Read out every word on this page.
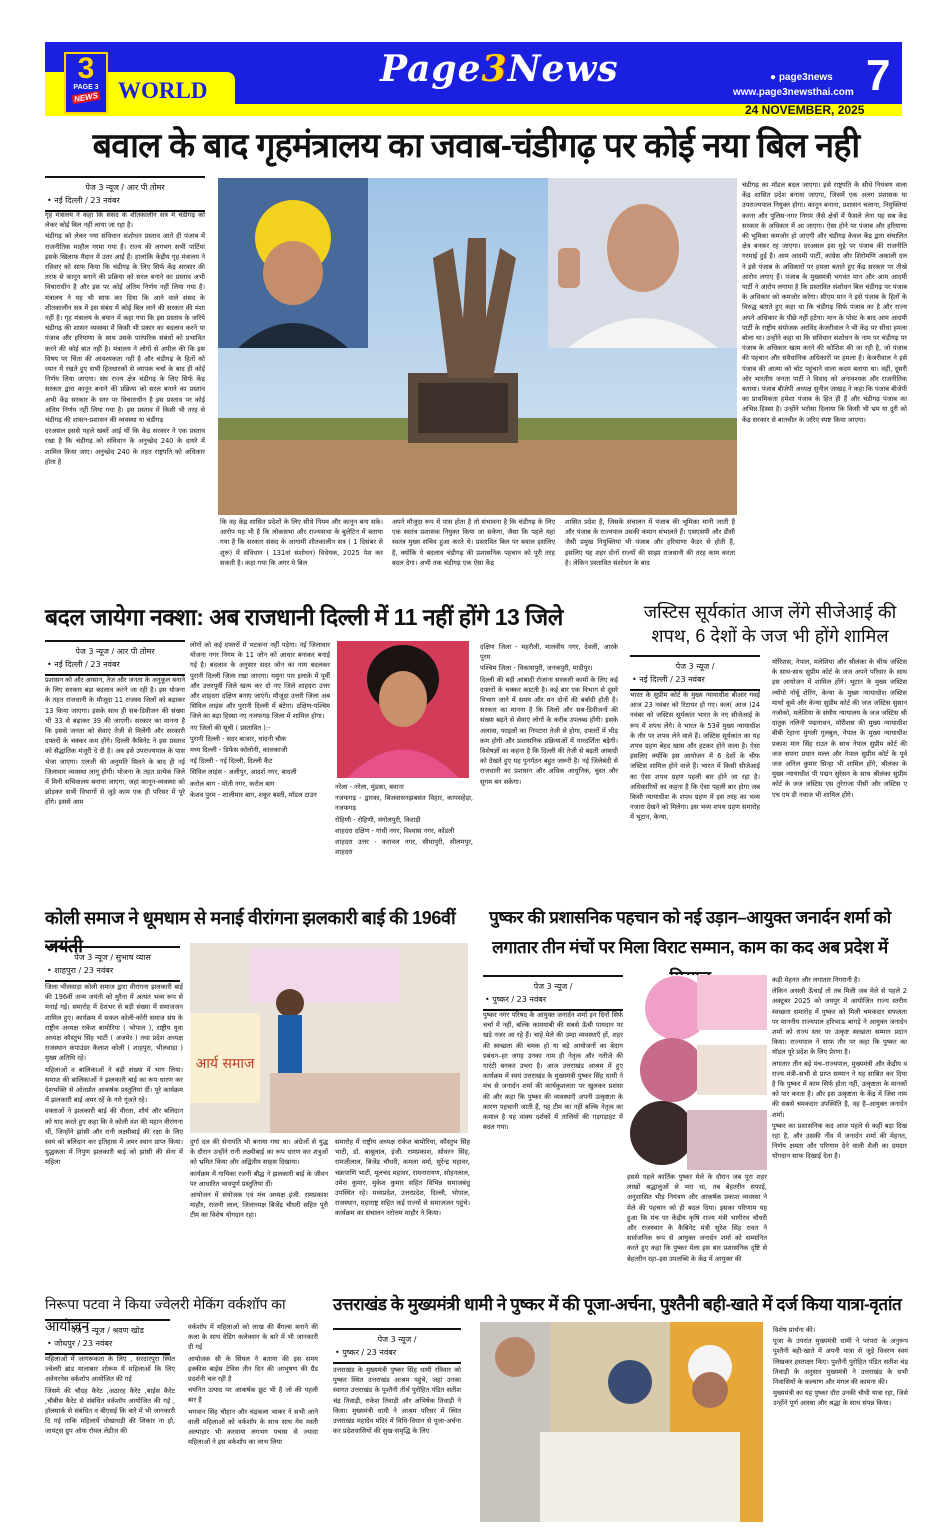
3
PAGE 3
NEWS WORLD
Page3News	● page3news
www.page3newsthai.com 7
24 NOVEMBER, 2025
बवाल के बाद गृहमंत्रालय का जवाब-चंडीगढ़ पर कोई नया बिल नही
पेज 3 न्यूज / आर पी तोमर
• नई दिल्ली / 23 नवंबर

गृह मंत्रालय ने कहा कि संसद के शीतकालीन सत्र में चंडीगढ़ को लेकर कोई बिल नहीं लाया जा रहा है।

चंडीगढ़ को लेकर नया संविधान संशोधन प्रस्ताव आते ही पंजाब में राजनीतिक माहौल गरमा गया है। राज्य की लगभग सभी पार्टियां इसके खिलाफ मैदान में उतर आई हैं। हालांकि केंद्रीय गृह मंत्रालय ने रविवार को साफ किया कि चंडीगढ़ के लिए सिर्फ केंद्र सरकार की तरफ से कानून बनाने की प्रक्रिया को सरल बनाने का प्रस्ताव अभी विचाराधीन है और इस पर कोई अंतिम निर्णय नहीं लिया गया है। मंत्रालय ने यह भी साफ कर दिया कि आने वाले संसद के शीतकालीन सत्र में इस संबंध में कोई बिल लाने की सरकार की मंशा नहीं है। गृह मंत्रालय के बयान में कहा गया कि इस प्रस्ताव के जरिये चंडीगढ़ की शासन व्यवस्था में किसी भी प्रकार का बदलाव करने या पंजाब और हरियाणा के साथ उसके पारंपरिक संबंधों को प्रभावित करने की कोई बात नहीं है। मंत्रालय ने लोगों से अपील की कि इस विषय पर चिंता की आवश्यकता नहीं है और चंडीगढ़ के हितों को ध्यान में रखते हुए सभी हितधारकों से व्यापक चर्चा के बाद ही कोई निर्णय लिया जाएगा। संघ राज्य क्षेत्र चंडीगढ़ के लिए सिर्फ केंद्र सरकार द्वारा कानून बनाने की प्रक्रिया को सरल बनाने का प्रस्ताव अभी केंद्र सरकार के स्तर पर विचाराधीन है इस प्रस्ताव पर कोई अंतिम निर्णय नहीं लिया गया है। इस प्रस्ताव में किसी भी तरह से चंडीगढ़ की शासन-प्रशासन की व्यवस्था या चंडीगढ़

दरअसल इससे पहले खबरें आई थीं कि केंद्र सरकार ने एक प्रस्ताव रखा है कि चंडीगढ़ को संविधान के अनुच्छेद 240 के दायरे में शामिल किया जाए। अनुच्छेद 240 के तहत राष्ट्रपति को अधिकार होता है

कि वह केंद्र शासित प्रदेशों के लिए सीधे नियम और कानून बना सके। आरोप यह भी है कि लोकसभा और राज्यसभा के बुलेटिन में बताया गया है कि सरकार संसद के आगामी शीतकालीन सत्र ( 1 दिसंबर से शुरू) में संविधान ( 131वां संशोधन) विधेयक, 2025 पेश कर सकती है। कहा गया कि अगर ये बिल

अपने मौजूदा रूप में पास होता है तो संभावना है कि चंडीगढ़ के लिए एक स्वतंत्र प्रशासक नियुक्त किया जा सकेगा, जैसा कि पहले यहां स्वतंत्र मुख्य सचिव हुआ करते थे। प्रस्तावित बिल पर बवाल इसलिए है, क्योंकि ये बदलाव चंडीगढ़ की प्रशासनिक पहचान को पूरी तरह बदल देगा। अभी तक चंडीगढ़ एक ऐसा केंद्र

शासित प्रदेश है, जिसके संचालन में पंजाब की भूमिका मानी जाती है और पंजाब के राज्यपाल उसकी कमान संभालते हैं। एसएसपी और डीसी जैसी प्रमुख नियुक्तियां भी पंजाब और हरियाणा कैडर से होती हैं, इसलिए यह शहर दोनों राज्यों की साझा राजधानी की तरह काम करता है। लेकिन प्रस्तावित संशोधन के बाद

चंडीगढ़ का मॉडल बदल जाएगा। इसे राष्ट्रपति के सीधे नियंत्रण वाला केंद्र शासित प्रदेश बनाया जाएगा, जिसमें एक अलग प्रशासक या उपराज्यपाल नियुक्त होगा। कानून बनाना, प्रशासन चलाना, नियुक्तियां करना और पुलिस-नगर निगम जैसे क्षेत्रों में फैसले लेना यह सब केंद्र सरकार के अधिकार में आ जाएगा। ऐसा होने पर पंजाब और हरियाणा की भूमिका कमजोर हो जाएगी और चंडीगढ़ केवल केंद्र द्वारा संचालित क्षेत्र बनकर रह जाएगा। दरअसल इस मुद्दे पर पंजाब की राजनीति गरमाई हुई है। आम आदमी पार्टी, कांग्रेस और शिरोमणि अकाली दल ने इसे पंजाब के अधिकारों पर हमला बताते हुए केंद्र सरकार पर तीखे आरोप लगाए हैं। पंजाब के मुख्यमंत्री भगवंत मान और आम आदमी पार्टी ने आरोप लगाया है कि प्रस्तावित संशोधन बिल चंडीगढ़ पर पंजाब के अधिकार को कमजोर करेगा। सीएम मान ने इसे पंजाब के हितों के विरुद्ध बताते हुए कहा था कि चंडीगढ़ सिर्फ पंजाब का है और राज्य अपने अधिकार के पीछे नहीं हटेगा। मान के पोस्ट के बाद आम आदमी पार्टी के राष्ट्रीय संयोजक अरविंद केजरीवाल ने भी केंद्र पर सीधा हमला बोला था। उन्होंने कहा था कि संविधान संशोधन के नाम पर चंडीगढ़ पर पंजाब के अधिकार खत्म करने की कोशिश की जा रही है, जो पंजाब की पहचान और संवैधानिक अधिकारों पर हमला है। केजरीवाल ने इसे पंजाब की आत्मा को चोट पहुंचाने वाला कदम बताया था। वहीं, दूसरी ओर भारतीय जनता पार्टी ने विवाद को अनावश्यक और राजनीतिक बताया। पंजाब बीजेपी अध्यक्ष सुनील जाखड़ ने कहा कि पंजाब बीजेपी का प्राथमिकता हमेशा पंजाब के हित ही हैं और चंडीगढ़ पंजाब का अभिन्न हिस्सा है। उन्होंने भरोसा दिलाया कि किसी भी भ्रम या दुरी को केंद्र सरकार से बातचीत के जरिए स्पष्ट किया जाएगा।

बदल जायेगा नक्शा: अब राजधानी दिल्ली में 11 नहीं होंगे 13 जिले
पेज 3 न्यूज / आर पी तोमर
• नई दिल्ली / 23 नवंबर

प्रशासन को और आसान, तेज और जनता के अनुकूल बनाने के लिए सरकार बड़ा बदलाव करने जा रही है। इस योजना के तहत राजधानी के मौजूदा 11 राजस्व जिलों को बढ़ाकर 13 किया जाएगा। इसके साथ ही सब-डिवीजन की संख्या भी 33 से बढ़ाकर 39 की जाएगी। सरकार का मानना है कि इससे जनता को सेवाएं तेजी से मिलेंगी और सरकारी दफ्तरों के चक्कर कम होंगे। दिल्ली कैबिनेट ने इस प्रस्ताव को सैद्धांतिक मंजूरी दे दी है। अब इसे उपराज्यपाल के पास भेजा जाएगा। एलजी की अनुमति मिलने के बाद ही नई जिलावार व्यवस्था लागू होगी। योजना के तहत प्रत्येक जिले में मिनी सचिवालय बनाया जाएगा, जहां कानून-व्यवस्था को छोड़कर सभी विभागों से जुड़े काम एक ही परिसर में पूरे होंगे। इससे आम

लोगों को कई दफ्तरों में भटकना नहीं पड़ेगा। नई जिलावार योजना नगर निगम के 11 जोन को आधार बनाकर बनाई गई है। बदलाव के अनुसार सदर जोन का नाम बदलकर पुरानी दिल्ली जिला रखा जाएगा। यमुना पार इलाके में पूर्वी और उत्तरपूर्वी जिले खत्म कर दो नए जिले शाहदरा उत्तर और शाहदरा दक्षिण बनाए जाएंगे। मौजूदा उत्तरी जिला अब सिविल लाइंस और पुरानी दिल्ली में बंटेगा। दक्षिण-पश्चिम जिले का बड़ा हिस्सा नए नजफगढ़ जिला में शामिल होगा।

नए जिलों की सूची ( प्रस्तावित ):-

पुरानी दिल्ली - सदर बाजार, चांदनी चौक

मध्य दिल्ली - डिफेंस कॉलोनी, कालकाजी

नई दिल्ली - नई दिल्ली, दिल्ली कैंट

सिविल लाइंस - अलीपुर, आदर्श नगर, बादली

करोल बाग - मोती नगर, करोल बाग

केशव पुरम - शालीमार बाग, शकूर बस्ती, मॉडल टाउन

नरेला - नरेला, मुंडका, बवाना

नजफगढ़ - द्वारका, बिजवासनझबसंत विहार, कापसहेड़ा, नजफगढ़

रोहिणी - रोहिणी, मंगोलपुरी, किराड़ी

शाहदरा दक्षिण - गांधी नगर, विश्वास नगर, कोंडली

शाहदरा उत्तर - करावल नगर, सीमापुरी, सीलमपुर, शाहदरा

दक्षिण जिला - महरौली, मालवीय नगर, देवली, आरके पुरम

पश्चिम जिला - विकासपुरी, जनकपुरी, मादीपुर।

दिल्ली की बड़ी आबादी रोजाना सरकारी कामों के लिए कई दफ्तरों के चक्कर काटती है। कई बार एक विभाग से दूसरे विभाग जाने में समय और धन दोनों की बर्बादी होती है। सरकार का मानना है कि जिलों और सब-डिवीजनों की संख्या बढ़ने से सेवाएं लोगों के करीब उपलब्ध होंगी। इसके अलावा, फाइलों का निपटारा तेजी से होगा, दफ्तरों में भीड़ कम होगी और प्रशासनिक प्रक्रियाओं में पारदर्शिता बढ़ेगी। विशेषज्ञों का कहना है कि दिल्ली की तेजी से बढ़ती आबादी को देखते हुए यह पुनर्गठन बहुत जरूरी है। नई जिलेबंदी से राजधानी का प्रशासन और अधिक आधुनिक, चुस्त और सुगम बन सकेगा।

जस्टिस सूर्यकांत आज लेंगे सीजेआई की शपथ, 6 देशों के जज भी होंगे शामिल
पेज 3 न्यूज /
• नई दिल्ली / 23 नवंबर

भारत के सुप्रीम कोर्ट के मुख्य न्यायाधीश बीआर गवई आज 23 नवंबर को रिटायर हो गए। कल( आज )24 नवंबर को जस्टिस सूर्यकांत भारत के नए सीजेआई के रूप में शपथ लेंगे। वे भारत के 53वें मुख्य न्यायाधीश के तौर पर शपथ लेने वाले हैं। जस्टिस सूर्यकांत का यह शपथ ग्रहण बेहद खास और हटकर होने वाला है। ऐसा इसलिए क्योंकि इस आयोजन में 6 देशों के चीफ जस्टिस शामिल होने वाले हैं। भारत में किसी सीजेआई का ऐसा शपथ ग्रहण पहली बार होने जा रहा है। अधिकारियों का कहना है कि ऐसा पहली बार होगा जब किसी न्यायाधीश के शपथ ग्रहण में इस तरह का भव्य नजारा देखने को मिलेगा। इस भव्य शपथ ग्रहण समारोह में भूटान, केन्या,

मॉरिशस, नेपाल, मलेशिया और श्रीलंका के चीफ जस्टिस के साथ-साथ सुप्रीम कोर्ट के जज अपने परिवार के साथ इस आयोजन में शामिल होंगे। भूटान के मुख्य जस्टिस ल्योंपो नॉर्बू शेरिंग, केन्या के मुख्य न्यायाधीश जस्टिस मार्था कूमे और केन्या सुप्रीम कोर्ट की जज जस्टिस सुसान नजोको, मलेशिया के संघीय न्यायालय के जज जस्टिस श्री दातुक नलिनी पद्मनाथन, मॉरीशस की मुख्य न्यायाधीश बीबी रेहाना मुंगली गुलबुल, नेपाल के मुख्य न्यायाधीश प्रकाश मान सिंह राउत के साथ नेपाल सुप्रीम कोर्ट की जज सपना प्रधान मल्ल और नेपाल सुप्रीम कोर्ट के पूर्व जज अनिल कुमार सिन्हा भी शामिल होंगे, श्रीलंका के मुख्य न्यायाधीश पी पद्मन सुरेसन के साथ श्रीलंका सुप्रीम कोर्ट के जज जस्टिस एस तुरेराजा पीसी और जस्टिस ए एच एम डी नवाज भी शामिल होंगे।

कोली समाज ने धूमधाम से मनाई वीरांगना झलकारी बाई की 196वीं जयंती
पेज 3 न्यूज / सुभाष व्यास
• शाहपुरा / 23 नवंबर

जिला भीलवाड़ा कोली समाज द्वारा वीरांगना झलकारी बाई की 196वीं जन्म जयंती को मुरैना में अत्यंत भव्य रूप से मनाई गई। समारोह में देशभर से बड़ी संख्या में समाजजन शामिल हुए। कार्यक्रम में सकल कोली-कोरी समाज संघ के राष्ट्रीय अध्यक्ष राकेश बामोरिया ( भोपाल ), राष्ट्रीय युवा अध्यक्ष कौस्तुभ सिंह भाटी ( अजमेर ) तथा प्रदेश अध्यक्ष राजस्थान कंपाउंडर कैलाश कोली ( शाहपुरा, भीलवाड़ा ) मुख्य अतिथि रहे।

महिलाओं व बालिकाओं ने बड़ी संख्या में भाग लिया। समाज की बालिकाओं ने झलकारी बाई का रूप धारण कर देशभक्ति से ओतप्रोत आकर्षक प्रस्तुतियां दीं। पूरे कार्यक्रम में झलकारी बाई अमर रहें के नारे गूंजते रहे।

वक्ताओं ने झलकारी बाई की वीरता, शौर्य और बलिदान को याद करते हुए कहा कि वे कोली वंश की महान वीरांगना थीं, जिन्होंने झांसी और रानी लक्ष्मीबाई की रक्षा के लिए स्वयं को बलिदान कर इतिहास में अमर स्थान प्राप्त किया। युद्धकला में निपुण झलकारी बाई को झांसी की सेना में महिला

आर्य समाज

दुर्गा दल की सेनापति भी बनाया गया था। अंग्रेजों से युद्ध के दौरान उन्होंने रानी लक्ष्मीबाई का रूप धारण कर शत्रुओं को भ्रमित किया और अद्वितीय साहस दिखाया।

कार्यक्रम में गायिका रजनी बौद्ध ने झलकारी बाई के जीवन पर आधारित भावपूर्ण प्रस्तुतियां दीं।

आयोजन में संयोजक एवं मंच अध्यक्ष इंजी. रामप्रकाश माहौर, राजनी लाल, जिलाध्यक्ष बिजेंद्र चौधरी सहित पूरी टीम का विशेष योगदान रहा।

समारोह में राष्ट्रीय अध्यक्ष राकेश बामोरिया, कौस्तुभ सिंह भाटी, डॉ. बाबूलाल, इंजी. रामप्रकाश, सोवरन सिंह, रामजीलाल, बिजेंद्र चौधरी, कमला वर्मा, सुरेन्द्र महावर, चक्रपाणि भाटी, मूलचंद महावर, रामनारायण, सोहनलाल, उमेश कुमार, मुकेश कुमार सहित विभिन्न समाजबंधु उपस्थित रहे। मध्यप्रदेश, उत्तरप्रदेश, दिल्ली, भोपाल, राजस्थान, महाराष्ट्र सहित कई राज्यों से समाजजन पहुंचे। कार्यक्रम का संचालन नरोत्तम माहौर ने किया।

पुष्कर की प्रशासनिक पहचान को नई उड़ान–आयुक्त जनार्दन शर्मा को लगातार तीन मंचों पर मिला विराट सम्मान, काम का कद अब प्रदेश में
पेज 3 न्यूज /
• पुष्कर / 23 नवंबर

पुष्कर नगर परिषद के आयुक्त जनार्दन शर्मा इन दिनों सिर्फ चर्चा में नहीं, बल्कि कामयाबी की सबसे ऊँची पायदान पर खड़े नजर आ रहे हैं। चाहे मेले की उम्दा व्यवस्थाएँ हों, शहर की स्वच्छता की चमक हो या बड़े आयोजनों का बेदाग प्रबंधन–हर जगह उनका नाम ही नेतृत्व और नतीजे की गारंटी बनकर उभरा है। आज उत्तराखंड आश्रम में हुए कार्यक्रम में स्वयं उत्तराखंड के मुख्यमंत्री पुष्कर सिंह धामी ने मंच से जनार्दन शर्मा की कार्यकुशलता पर खुलकर प्रशंसा की और कहा कि पुष्कर की व्यवस्थाएँ अपनी उत्कृष्टता के कारण पहचानी जाती हैं, यह टीम का नहीं बल्कि नेतृत्व का कमाल है यह वाक्य दर्शकों में तालियों की गड़गड़ाहट में बदल गया।

इससे पहले कार्तिक पुष्कर मेले के दौरान जब पूरा शहर लाखों श्रद्धालुओं से भरा था, तब बेहतरीन सफाई, अनुशासित भीड़ नियंत्रण और आकर्षक प्रकाश व्यवस्था ने मेले की पहचान को ही बदल दिया। इसका परिणाम यह हुआ कि मंच पर केंद्रीय कृषि राज्य मंत्री भागीरथ चौधरी और राजस्थान के कैबिनेट मंत्री सुरेश सिंह रावत ने सार्वजनिक रूप से आयुक्त जनार्दन शर्मा को सम्मानित करते हुए कहा कि पुष्कर मेला इस बार प्रशासनिक दृष्टि से बेहतरीन रहा–इस उपलब्धि के केंद्र में आयुक्त की

कड़ी मेहनत और लगातार निगरानी है।

लेकिन असली ऊँचाई तो तब मिली जब मेले से पहले 2 अक्टूबर 2025 को जयपुर में आयोजित राज्य स्तरीय स्वच्छता समारोह में पुष्कर को मिली चमकदार सफलता पर माननीय राज्यपाल हरिभाऊ बागड़े ने आयुक्त जनार्दन शर्मा को राज्य स्तर पर उत्कृष्ट स्वच्छता सम्मान प्रदान किया। राज्यपाल ने साफ तौर पर कहा कि पुष्कर का मॉडल पूरे प्रदेश के लिए प्रेरणा है।

लगातार तीन बड़े मंच–राज्यपाल, मुख्यमंत्री और केंद्रीय व राज्य मंत्री–सभी से प्राप्त सम्मान ने यह साबित कर दिया है कि पुष्कर में काम सिर्फ होता नहीं, उत्कृष्टता के मानकों को पार करता है। और इस उत्कृष्टता के केंद्र में जिस नाम की सबसे चमकदार उपस्थिति है, वह है–आयुक्त जनार्दन शर्मा।

पुष्कर का प्रशासनिक कद आज पहले से कहीं बड़ा दिख रहा है, और उसकी नींव में जनार्दन शर्मा की मेहनत, निर्णय क्षमता और परिणाम देने वाली शैली का दमदार योगदान साफ दिखाई देता है।

निरूपा पटवा ने किया ज्वेलरी मेकिंग वर्कशॉप का आयोजन
पेज 3 न्यूज / श्रवण खोड
• जोधपुर / 23 नवंबर

महिलाओं में जागरूकता के लिए , सरदारपुरा स्थित ज्वेलरी ब्रांड मालाबार शोरूम में महिलाओं कि लिए अवेयरनेस वर्कशॉप आयोजित की गई

जिसमे की चौदह कैरेट ,अठारह कैरेट ,बाईस कैरेट ,चौबीस कैरेट से संबंधित वर्कशॉप आयोजित की गई , हॉलमार्क से संबंधित व बीएसई कि बारे में भी जानकारी दि गई ताकि महिलायें धोखाधड़ी की शिकार ना हो, जायंट्स ग्रुप ऑफ रॉयल लेडीज की

वर्कशॉप में महिलाओं को लाख की बैंगल्स बनाने की कला के साथ वेडिंग कलेक्शन के बारे में भी जानकारी दी गई

आयोजक सी के सिंघल ने बताया की इस समय इक्कीस बाईस टेविस तीन दिन की आभूषण की ग्रैंड प्रदर्शनी चल रही है

चयनित उत्पाद पर आकर्षक छूट भी है जो की पहली बार है

भगवान सिंह चौहान और चंद्रकला भाकर ने सभी आने वाली महिलाओं को वर्कशॉप के साथ साथ गेम मस्ती अल्पाहार भी करवाया लगभग पचास से ज्यादा महिलाओं ने इस वर्कशॉप का लाभ लिया

उत्तराखंड के मुख्यमंत्री धामी ने पुष्कर में की पूजा-अर्चना, पुश्तैनी बही-खाते में दर्ज किया यात्रा-वृतांत
पेज 3 न्यूज /
• पुष्कर / 23 नवंबर

उत्तराखंड के मुख्यमंत्री पुष्कर सिंह धामी रविवार को पुष्कर स्थित उत्तराखंड आश्रम पहुंचे, जहां उनका स्वागत उत्तराखंड के पुश्तैनी तीर्थ पुरोहित पंडित सतीश चंद्र तिवाड़ी, राकेश तिवाड़ी और अभिषेक तिवाड़ी ने किया। मुख्यमंत्री धामी ने आश्रम परिसर में स्थित उत्तराखंड महादेव मंदिर में विधि-विधान से पूजा-अर्चना कर प्रदेशवासियों की सुख-समृद्धि के लिए

विशेष प्रार्थना की।

पूजा के उपरांत मुख्यमंत्री धामी ने परंपरा के अनुरूप पुश्तैनी बही-खाते में अपनी यात्रा से जुड़े विवरण स्वयं लिखकर हस्ताक्षर किए। पुश्तैनी पुरोहित पंडित सतीश चंद्र तिवाड़ी के अनुसार मुख्यमंत्री ने उत्तराखंड के सभी निवासियों के कल्याण और मंगल की कामना की।

मुख्यमंत्री का यह पुष्कर दौरा उनकी चौथी यात्रा रहा, जिसे उन्होंने पूर्ण आस्था और श्रद्धा के साथ संपन्न किया।
